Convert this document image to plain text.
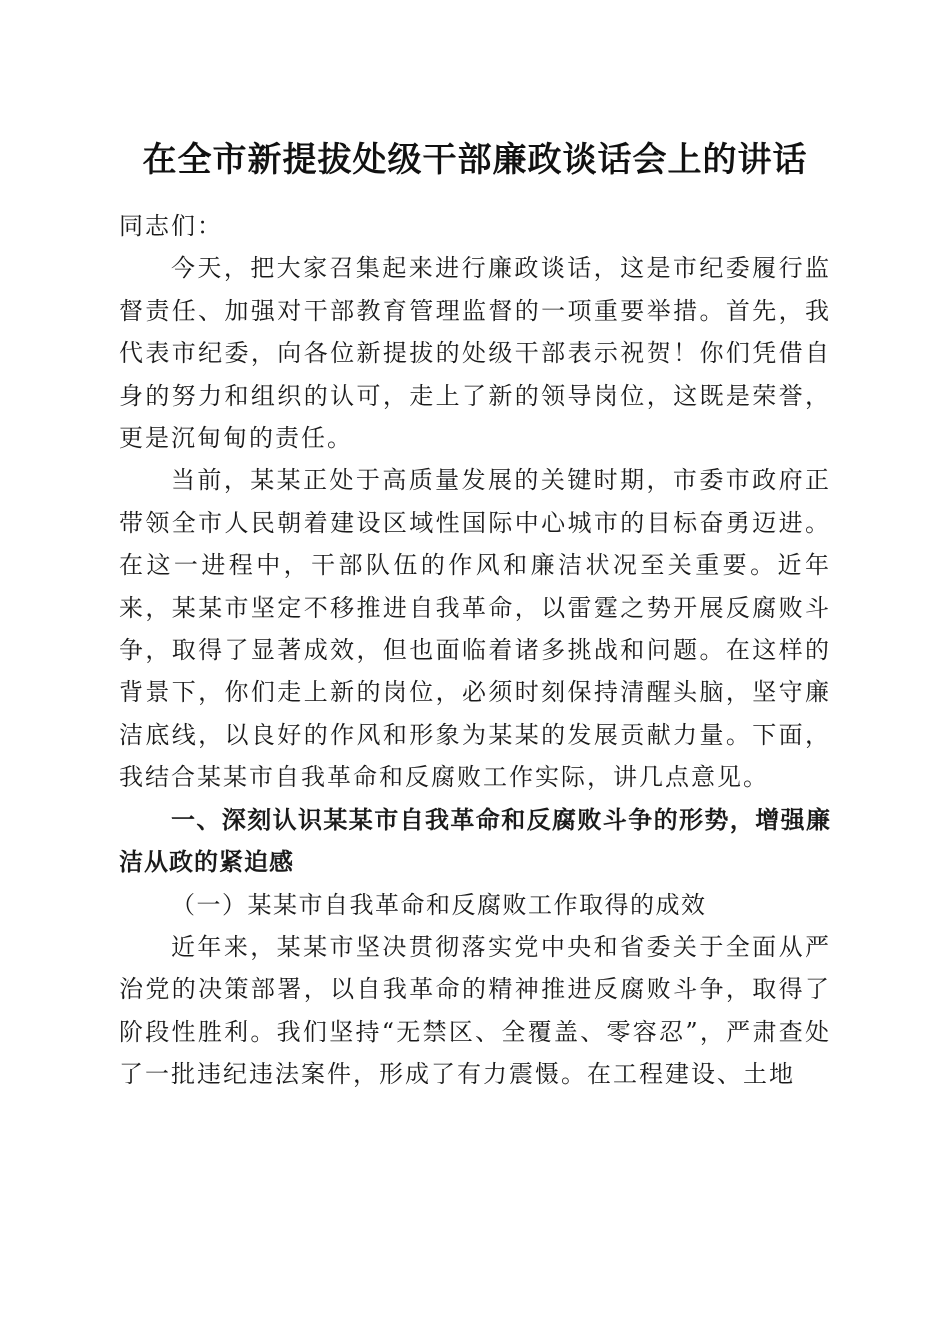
在全市新提拔处级干部廉政谈话会上的讲话

同志们：

今天，把大家召集起来进行廉政谈话，这是市纪委履行监督责任、加强对干部教育管理监督的一项重要举措。首先，我代表市纪委，向各位新提拔的处级干部表示祝贺！你们凭借自身的努力和组织的认可，走上了新的领导岗位，这既是荣誉，更是沉甸甸的责任。

当前，某某正处于高质量发展的关键时期，市委市政府正带领全市人民朝着建设区域性国际中心城市的目标奋勇迈进。在这一进程中，干部队伍的作风和廉洁状况至关重要。近年来，某某市坚定不移推进自我革命，以雷霆之势开展反腐败斗争，取得了显著成效，但也面临着诸多挑战和问题。在这样的背景下，你们走上新的岗位，必须时刻保持清醒头脑，坚守廉洁底线，以良好的作风和形象为某某的发展贡献力量。下面，我结合某某市自我革命和反腐败工作实际，讲几点意见。

一、深刻认识某某市自我革命和反腐败斗争的形势，增强廉洁从政的紧迫感

（一）某某市自我革命和反腐败工作取得的成效

近年来，某某市坚决贯彻落实党中央和省委关于全面从严治党的决策部署，以自我革命的精神推进反腐败斗争，取得了阶段性胜利。我们坚持“无禁区、全覆盖、零容忍”，严肃查处了一批违纪违法案件，形成了有力震慑。在工程建设、土地
